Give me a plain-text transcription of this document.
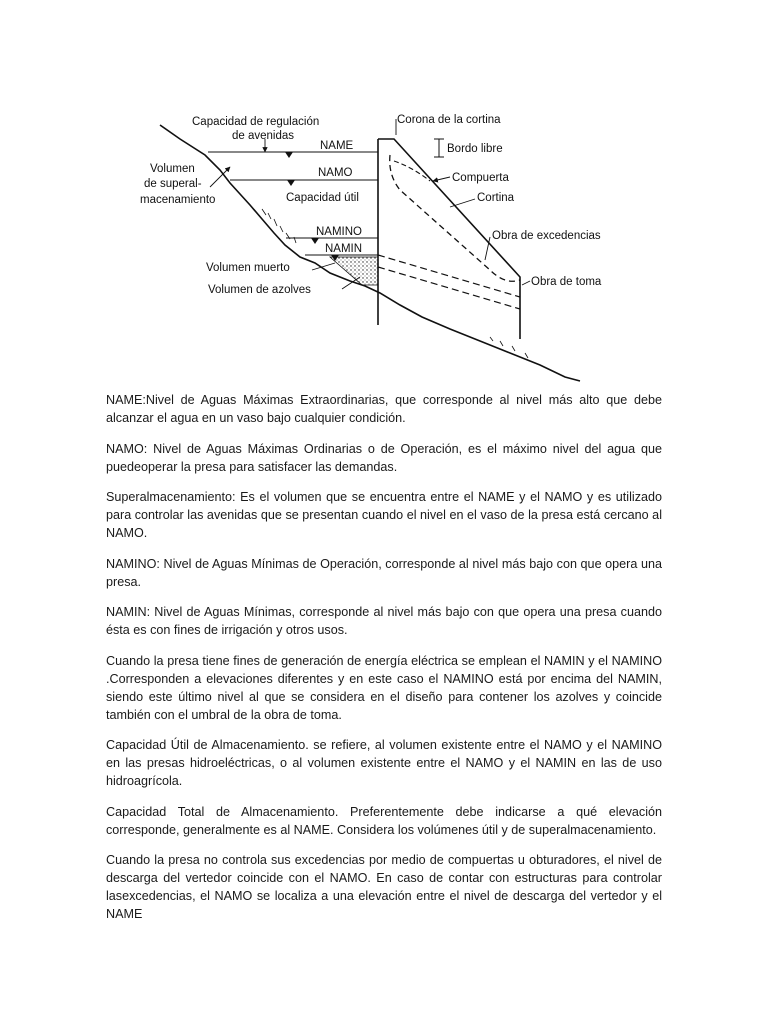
Capacidad de regulación
de avenidas
Corona de la cortina
Volumen
de superal-
macenamiento
NAME	Bordo libre
NAMO	Compuerta
Capacidad útil	Cortina
NAMINO	Obra de excedencias
NAMIN
Volumen muerto
Obra de toma
Volumen de azolves

NAME:Nivel de Aguas Máximas Extraordinarias, que corresponde al nivel más alto que debe alcanzar el agua en un vaso bajo cualquier condición.

NAMO: Nivel de Aguas Máximas Ordinarias o de Operación, es el máximo nivel del agua que puedeoperar la presa para satisfacer las demandas.

Superalmacenamiento: Es el volumen que se encuentra entre el NAME y el NAMO y es utilizado para controlar las avenidas que se presentan cuando el nivel en el vaso de la presa está cercano al NAMO.

NAMINO: Nivel de Aguas Mínimas de Operación, corresponde al nivel más bajo con que opera una presa.

NAMIN: Nivel de Aguas Mínimas, corresponde al nivel más bajo con que opera una presa cuando ésta es con fines de irrigación y otros usos.

Cuando la presa tiene fines de generación de energía eléctrica se emplean el NAMIN y el NAMINO .Corresponden a elevaciones diferentes y en este caso el NAMINO está por encima del NAMIN, siendo este último nivel al que se considera en el diseño para contener los azolves y coincide también con el umbral de la obra de toma.

Capacidad Útil de Almacenamiento. se refiere, al volumen existente entre el NAMO y el NAMINO en las presas hidroeléctricas, o al volumen existente entre el NAMO y el NAMIN en las de uso hidroagrícola.

Capacidad Total de Almacenamiento. Preferentemente debe indicarse a qué elevación corresponde, generalmente es al NAME. Considera los volúmenes útil y de superalmacenamiento.

Cuando la presa no controla sus excedencias por medio de compuertas u obturadores, el nivel de descarga del vertedor coincide con el NAMO. En caso de contar con estructuras para controlar lasexcedencias, el NAMO se localiza a una elevación entre el nivel de descarga del vertedor y el NAME
